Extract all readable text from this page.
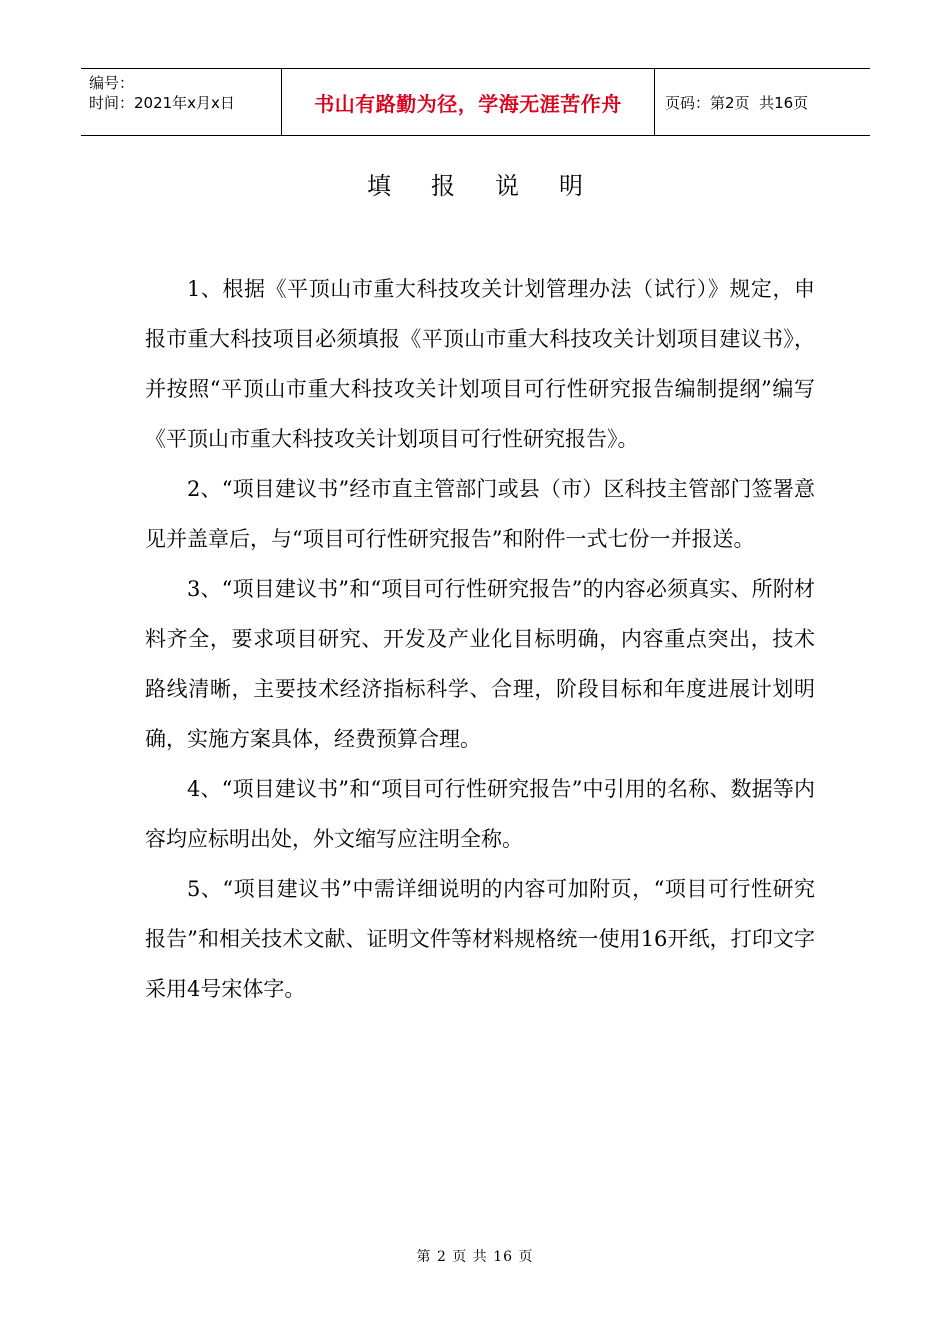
编号：
时间：2021年x月x日	书山有路勤为径，学海无涯苦作舟	页码：第2页  共16页
填报说明

1、根据《平顶山市重大科技攻关计划管理办法（试行）》规定，申报市重大科技项目必须填报《平顶山市重大科技攻关计划项目建议书》，并按照“平顶山市重大科技攻关计划项目可行性研究报告编制提纲”编写《平顶山市重大科技攻关计划项目可行性研究报告》。

2、“项目建议书”经市直主管部门或县（市）区科技主管部门签署意见并盖章后，与“项目可行性研究报告”和附件一式七份一并报送。

3、“项目建议书”和“项目可行性研究报告”的内容必须真实、所附材料齐全，要求项目研究、开发及产业化目标明确，内容重点突出，技术路线清晰，主要技术经济指标科学、合理，阶段目标和年度进展计划明确，实施方案具体，经费预算合理。

4、“项目建议书”和“项目可行性研究报告”中引用的名称、数据等内容均应标明出处，外文缩写应注明全称。

5、“项目建议书”中需详细说明的内容可加附页，“项目可行性研究报告”和相关技术文献、证明文件等材料规格统一使用16开纸，打印文字采用4号宋体字。

第 2 页 共 16 页
